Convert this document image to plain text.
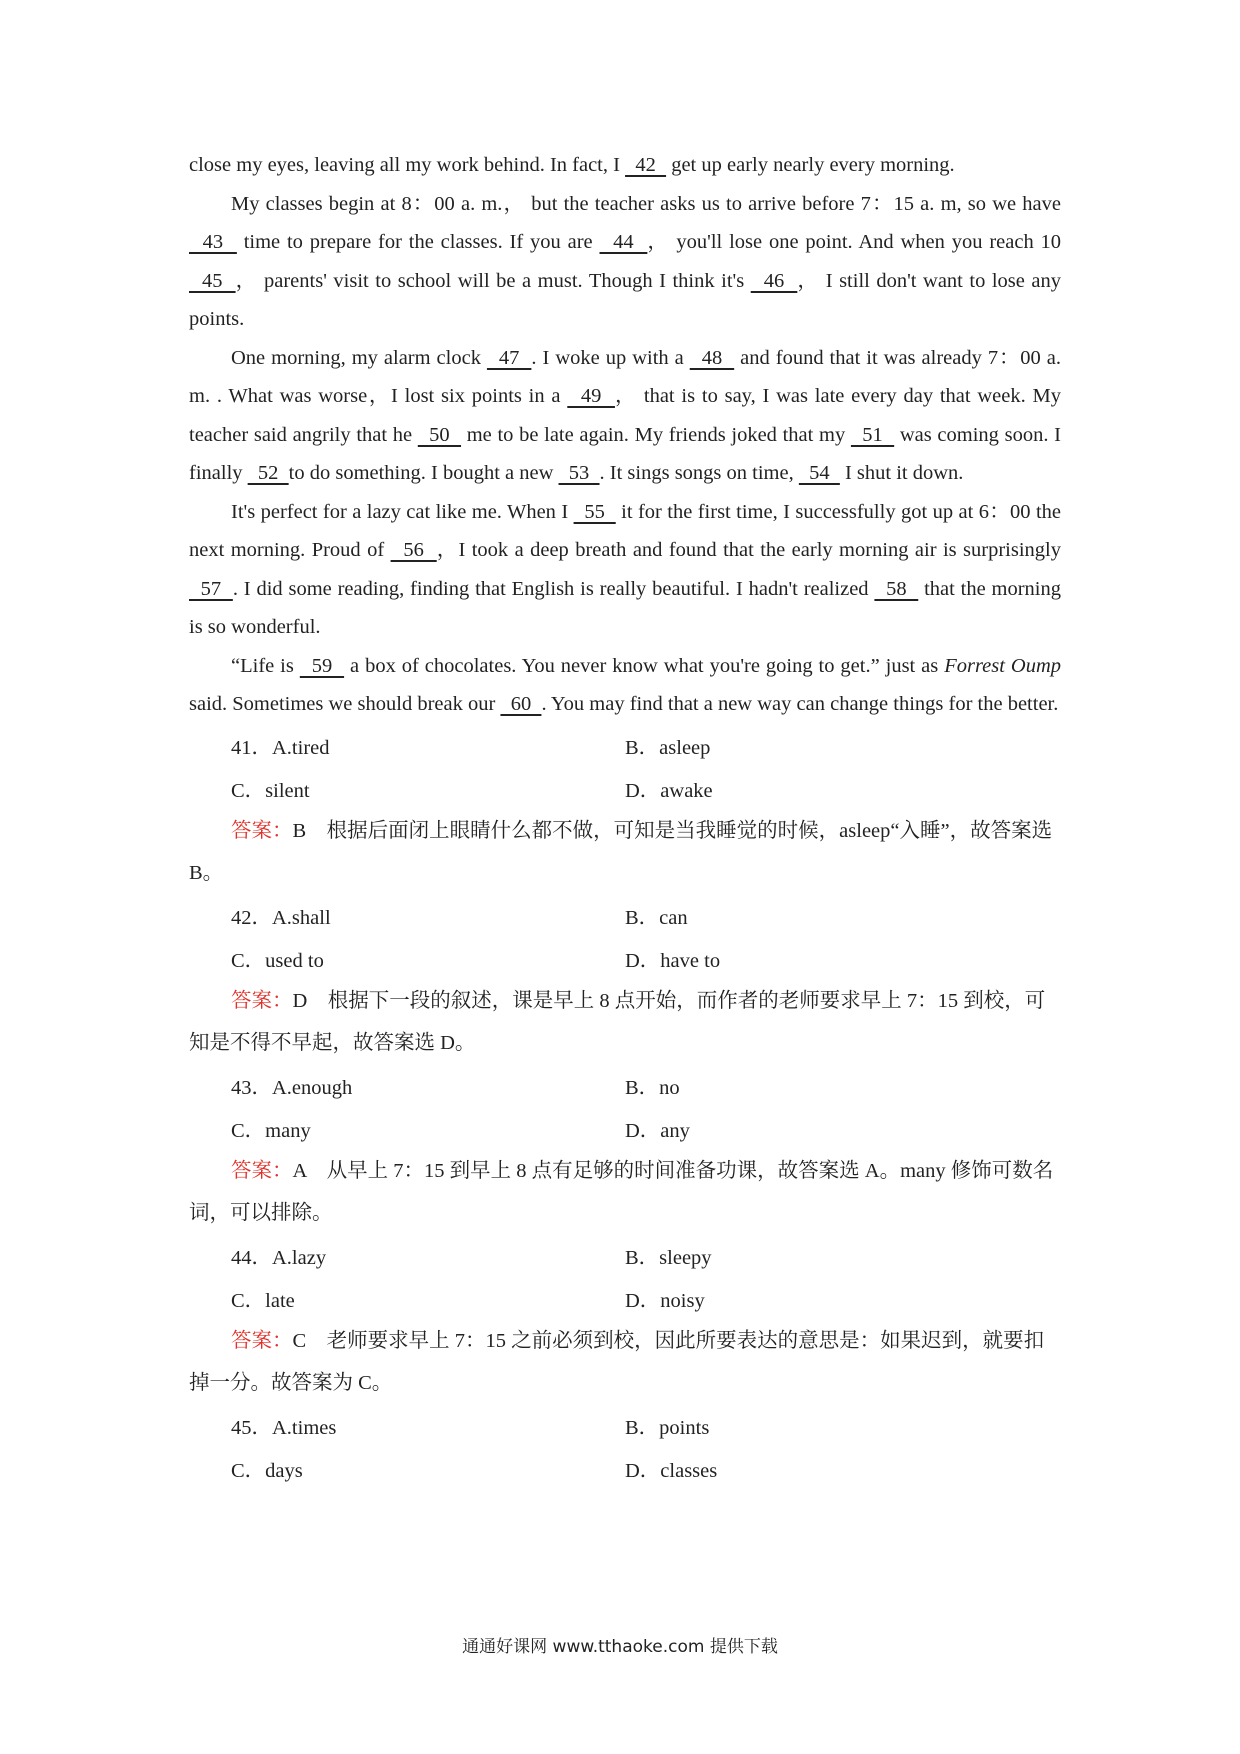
close my eyes, leaving all my work behind. In fact, I   42   get up early nearly every morning.

My classes begin at 8：00 a. m.， but the teacher asks us to arrive before 7：15 a. m, so we have   43   time to prepare for the classes. If you are   44  ， you'll lose one point. And when you reach 10   45  ， parents' visit to school will be a must. Though I think it's   46  ， I still don't want to lose any points.

One morning, my alarm clock   47  . I woke up with a   48   and found that it was already 7：00 a. m. . What was worse，I lost six points in a   49  ， that is to say, I was late every day that week. My teacher said angrily that he   50   me to be late again. My friends joked that my   51   was coming soon. I finally   52  to do something. I bought a new   53  . It sings songs on time,   54   I shut it down.

It's perfect for a lazy cat like me. When I   55   it for the first time, I successfully got up at 6：00 the next morning. Proud of   56  ，I took a deep breath and found that the early morning air is surprisingly   57  . I did some reading, finding that English is really beautiful. I hadn't realized   58   that the morning is so wonderful.

“Life is   59   a box of chocolates. You never know what you're going to get.” just as Forrest Oump said. Sometimes we should break our   60  . You may find that a new way can change things for the better.

41．A.tired	B．asleep
C．silent	D．awake

答案：B　根据后面闭上眼睛什么都不做，可知是当我睡觉的时候，asleep“入睡”，故答案选 B。

42．A.shall	B．can
C．used to	D．have to

答案：D　根据下一段的叙述，课是早上 8 点开始，而作者的老师要求早上 7：15 到校，可知是不得不早起，故答案选 D。

43．A.enough	B．no
C．many	D．any

答案：A　从早上 7：15 到早上 8 点有足够的时间准备功课，故答案选 A。many 修饰可数名词，可以排除。

44．A.lazy	B．sleepy
C．late	D．noisy

答案：C　老师要求早上 7：15 之前必须到校，因此所要表达的意思是：如果迟到，就要扣掉一分。故答案为 C。

45．A.times	B．points
C．days	D．classes
通通好课网 www.tthaoke.com 提供下载
